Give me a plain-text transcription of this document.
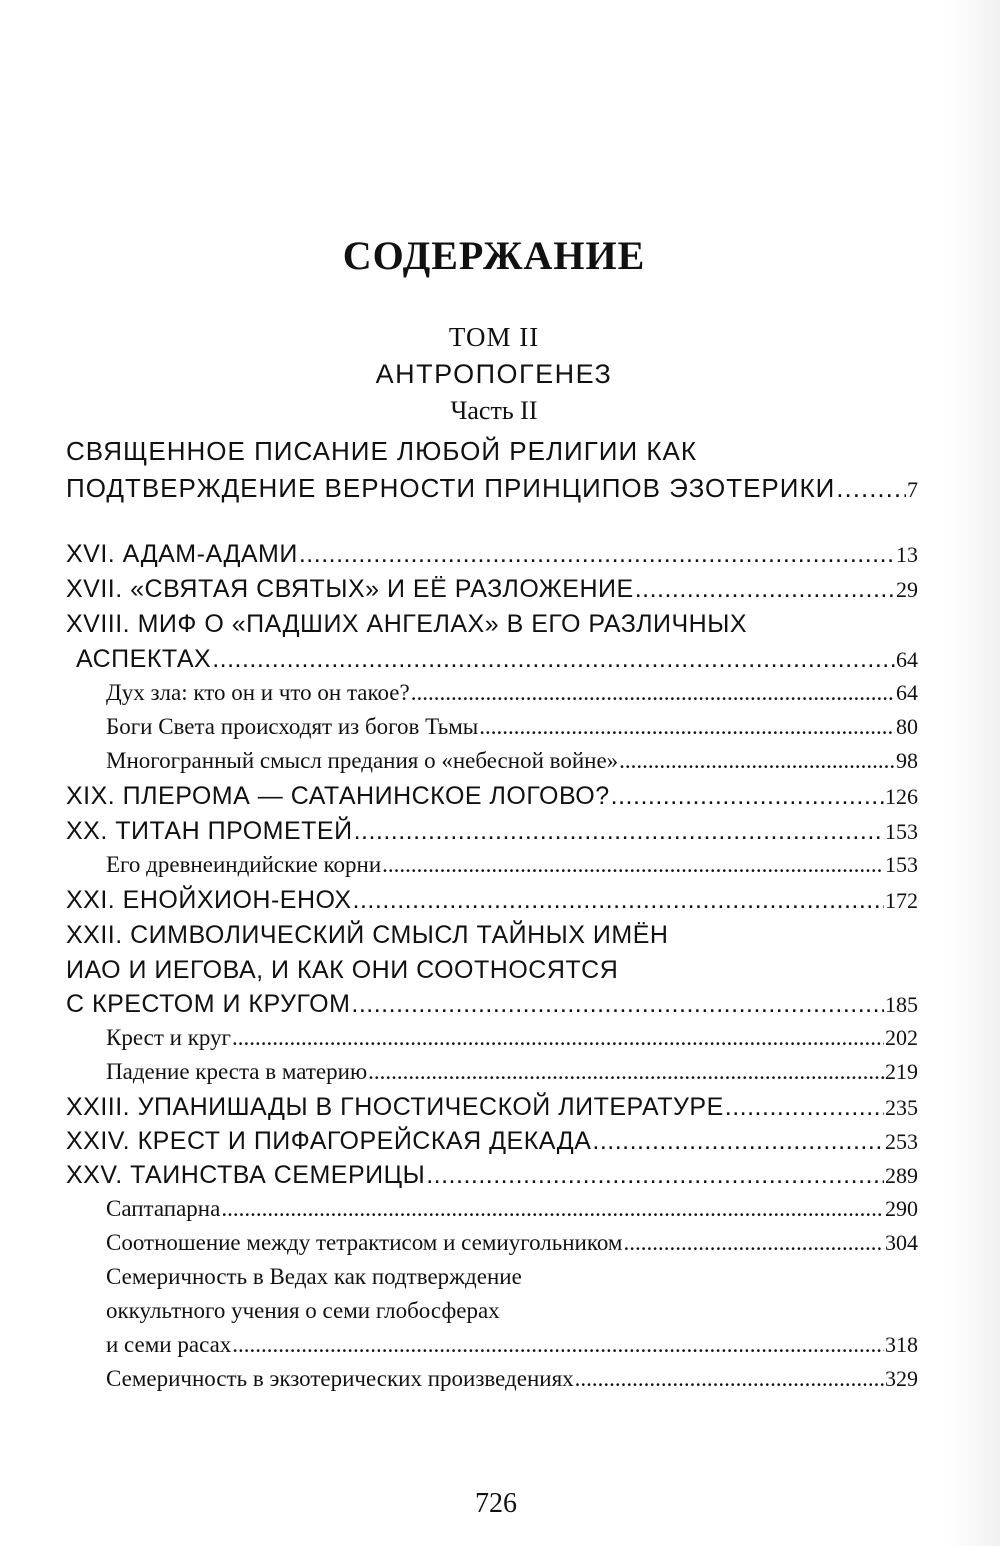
СОДЕРЖАНИЕ
ТОМ II
АНТРОПОГЕНЕЗ
Часть II
СВЯЩЕННОЕ ПИСАНИЕ ЛЮБОЙ РЕЛИГИИ КАК
ПОДТВЕРЖДЕНИЕ ВЕРНОСТИ ПРИНЦИПОВ ЭЗОТЕРИКИ .....	7
XVI. АДАМ-АДАМИ .....	13
XVII. «СВЯТАЯ СВЯТЫХ» И ЕЁ РАЗЛОЖЕНИЕ .....	29
XVIII. МИФ О «ПАДШИХ АНГЕЛАХ» В ЕГО РАЗЛИЧНЫХ
АСПЕКТАХ .....	64
Дух зла: кто он и что он такое? .....	64
Боги Света происходят из богов Тьмы .....	80
Многогранный смысл предания о «небесной войне» .....	98
XIX. ПЛЕРОМА — САТАНИНСКОЕ ЛОГОВО? .....	126
XX. ТИТАН ПРОМЕТЕЙ .....	153
Его древнеиндийские корни .....	153
XXI. ЕНОЙХИОН-ЕНОХ .....	172
XXII. СИМВОЛИЧЕСКИЙ СМЫСЛ ТАЙНЫХ ИМЁН
ИАО И ИЕГОВА, И КАК ОНИ СООТНОСЯТСЯ
С КРЕСТОМ И КРУГОМ .....	185
Крест и круг .....	202
Падение креста в материю .....	219
XXIII. УПАНИШАДЫ В ГНОСТИЧЕСКОЙ ЛИТЕРАТУРЕ .....	235
XXIV. КРЕСТ И ПИФАГОРЕЙСКАЯ ДЕКАДА .....	253
XXV. ТАИНСТВА СЕМЕРИЦЫ .....	289
Саптапарна .....	290
Соотношение между тетрактисом и семиугольником .....	304
Семеричность в Ведах как подтверждение
оккультного учения о семи глобосферах
и семи расах .....	318
Семеричность в экзотерических произведениях .....	329
726
